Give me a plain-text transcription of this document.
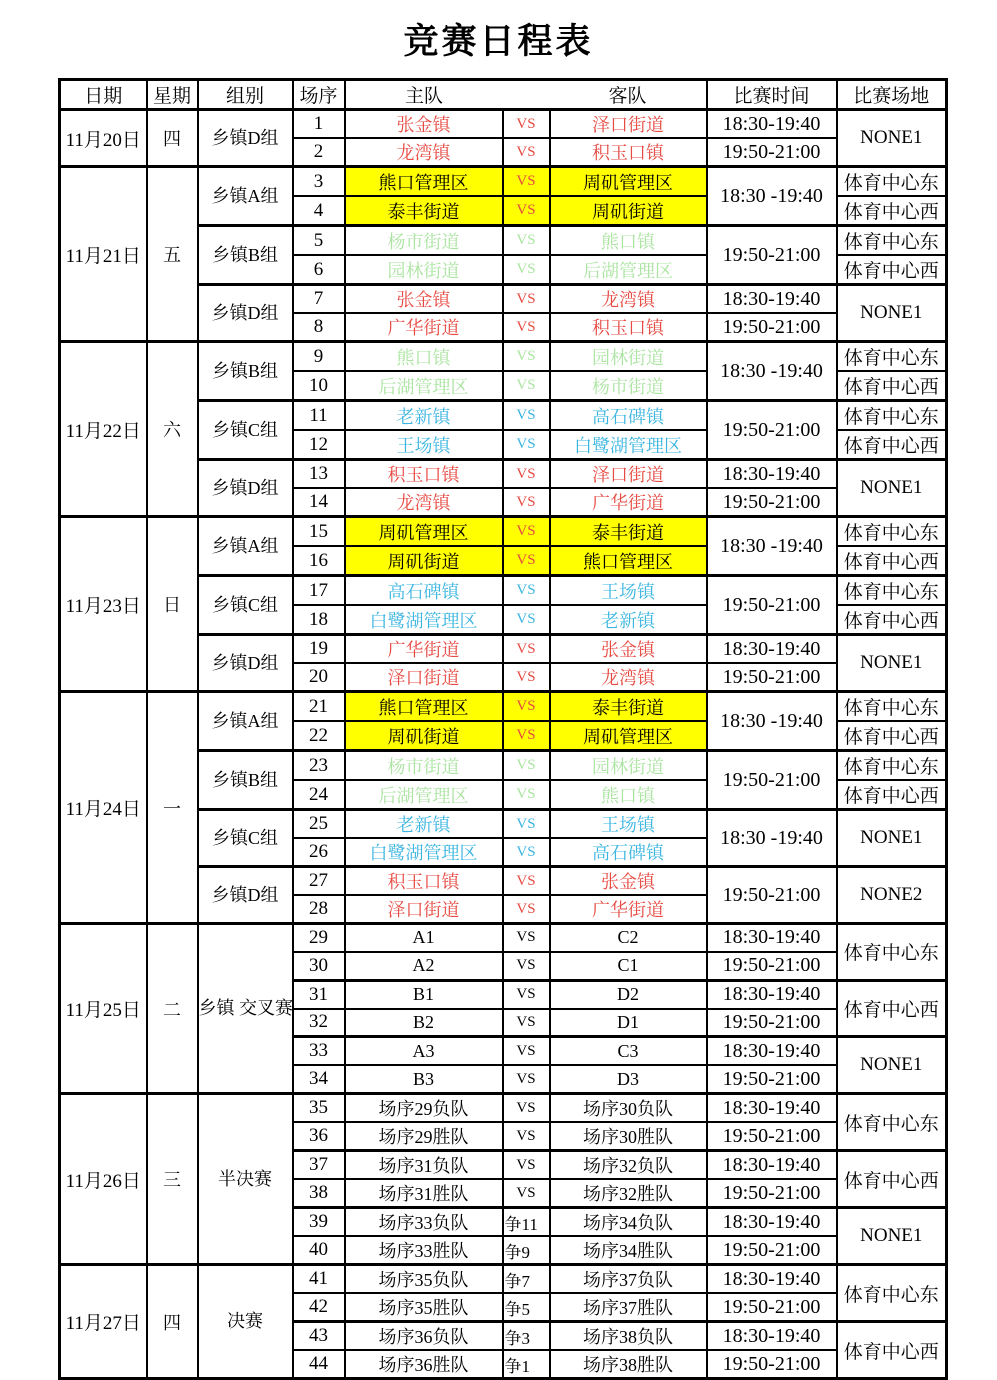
竞赛日程表
日期	星期	组别	场序	主队 客队			比赛时间	比赛场地
11月20日	四	乡镇D组	1	张金镇	VS	泽口街道	18:30-19:40	NONE1
			2	龙湾镇	VS	积玉口镇	19:50-21:00	
11月21日	五	乡镇A组	3	熊口管理区	VS	周矶管理区	18:30 -19:40	体育中心东
			4	泰丰街道	VS	周矶街道		体育中心西
		乡镇B组	5	杨市街道	VS	熊口镇	19:50-21:00	体育中心东
			6	园林街道	VS	后湖管理区		体育中心西
		乡镇D组	7	张金镇	VS	龙湾镇	18:30-19:40	NONE1
			8	广华街道	VS	积玉口镇	19:50-21:00	
11月22日	六	乡镇B组	9	熊口镇	VS	园林街道	18:30 -19:40	体育中心东
			10	后湖管理区	VS	杨市街道		体育中心西
		乡镇C组	11	老新镇	VS	高石碑镇	19:50-21:00	体育中心东
			12	王场镇	VS	白鹭湖管理区		体育中心西
		乡镇D组	13	积玉口镇	VS	泽口街道	18:30-19:40	NONE1
			14	龙湾镇	VS	广华街道	19:50-21:00	
11月23日	日	乡镇A组	15	周矶管理区	VS	泰丰街道	18:30 -19:40	体育中心东
			16	周矶街道	VS	熊口管理区		体育中心西
		乡镇C组	17	高石碑镇	VS	王场镇	19:50-21:00	体育中心东
			18	白鹭湖管理区	VS	老新镇		体育中心西
		乡镇D组	19	广华街道	VS	张金镇	18:30-19:40	NONE1
			20	泽口街道	VS	龙湾镇	19:50-21:00	
11月24日	一	乡镇A组	21	熊口管理区	VS	泰丰街道	18:30 -19:40	体育中心东
			22	周矶街道	VS	周矶管理区		体育中心西
		乡镇B组	23	杨市街道	VS	园林街道	19:50-21:00	体育中心东
			24	后湖管理区	VS	熊口镇		体育中心西
		乡镇C组	25	老新镇	VS	王场镇	18:30 -19:40	NONE1
			26	白鹭湖管理区	VS	高石碑镇		
		乡镇D组	27	积玉口镇	VS	张金镇	19:50-21:00	NONE2
			28	泽口街道	VS	广华街道		
11月25日	二	乡镇 交叉赛	29	A1	VS	C2	18:30-19:40	体育中心东
			30	A2	VS	C1	19:50-21:00	
			31	B1	VS	D2	18:30-19:40	体育中心西
			32	B2	VS	D1	19:50-21:00	
			33	A3	VS	C3	18:30-19:40	NONE1
			34	B3	VS	D3	19:50-21:00	
11月26日	三	半决赛	35	场序29负队	VS	场序30负队	18:30-19:40	体育中心东
			36	场序29胜队	VS	场序30胜队	19:50-21:00	
			37	场序31负队	VS	场序32负队	18:30-19:40	体育中心西
			38	场序31胜队	VS	场序32胜队	19:50-21:00	
			39	场序33负队	争11	场序34负队	18:30-19:40	NONE1
			40	场序33胜队	争9	场序34胜队	19:50-21:00	
11月27日	四	决赛	41	场序35负队	争7	场序37负队	18:30-19:40	体育中心东
			42	场序35胜队	争5	场序37胜队	19:50-21:00	
			43	场序36负队	争3	场序38负队	18:30-19:40	体育中心西
			44	场序36胜队	争1	场序38胜队	19:50-21:00	
